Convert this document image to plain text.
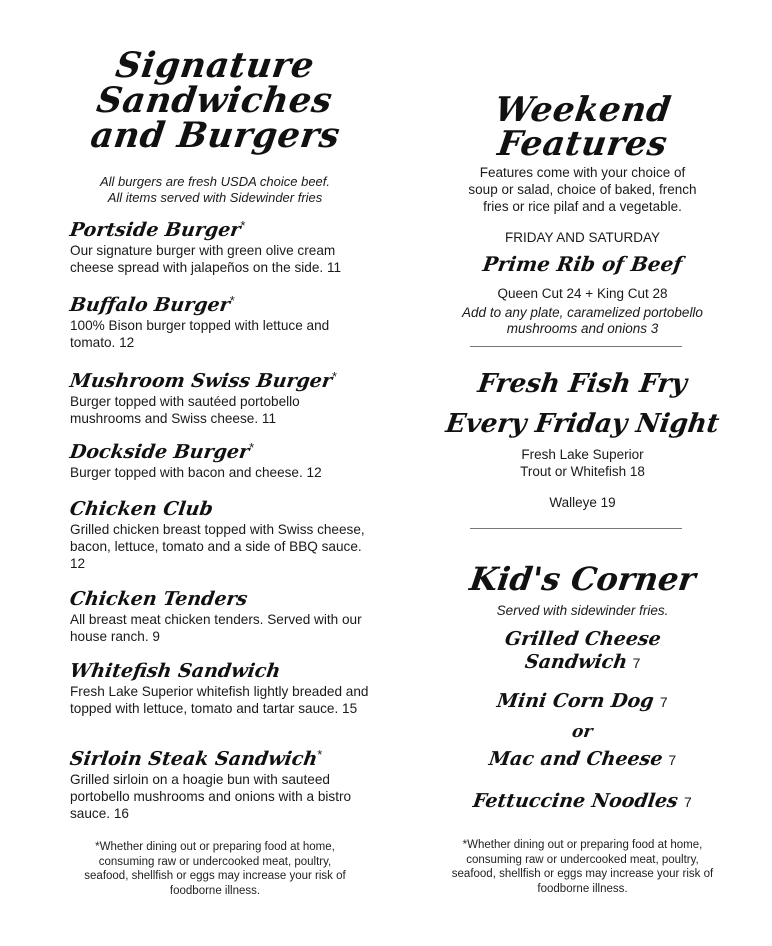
Signature
Sandwiches
and Burgers
All burgers are fresh USDA choice beef.
All items served with Sidewinder fries
Portside Burger*

Our signature burger with green olive cream cheese spread with jalapeños on the side. 11

Buffalo Burger*

100% Bison burger topped with lettuce and tomato. 12

Mushroom Swiss Burger*

Burger topped with sautéed portobello mushrooms and Swiss cheese. 11

Dockside Burger*

Burger topped with bacon and cheese. 12

Chicken Club

Grilled chicken breast topped with Swiss cheese, bacon, lettuce, tomato and a side of BBQ sauce. 12

Chicken Tenders

All breast meat chicken tenders. Served with our house ranch. 9

Whitefish Sandwich

Fresh Lake Superior whitefish lightly breaded and topped with lettuce, tomato and tartar sauce. 15

Sirloin Steak Sandwich*

Grilled sirloin on a hoagie bun with sauteed portobello mushrooms and onions with a bistro sauce. 16

*Whether dining out or preparing food at home,
consuming raw or undercooked meat, poultry,
seafood, shellfish or eggs may increase your risk of
foodborne illness.
Weekend
Features
Features come with your choice of
soup or salad, choice of baked, french
fries or rice pilaf and a vegetable.
FRIDAY AND SATURDAY
Prime Rib of Beef
Queen Cut 24 + King Cut 28
Add to any plate, caramelized portobello
mushrooms and onions 3
Fresh Fish Fry
Every Friday Night
Fresh Lake Superior
Trout or Whitefish 18
Walleye 19
Kid's Corner
Served with sidewinder fries.
Grilled Cheese
Sandwich 7
Mini Corn Dog 7
or
Mac and Cheese 7
Fettuccine Noodles 7
*Whether dining out or preparing food at home,
consuming raw or undercooked meat, poultry,
seafood, shellfish or eggs may increase your risk of
foodborne illness.
